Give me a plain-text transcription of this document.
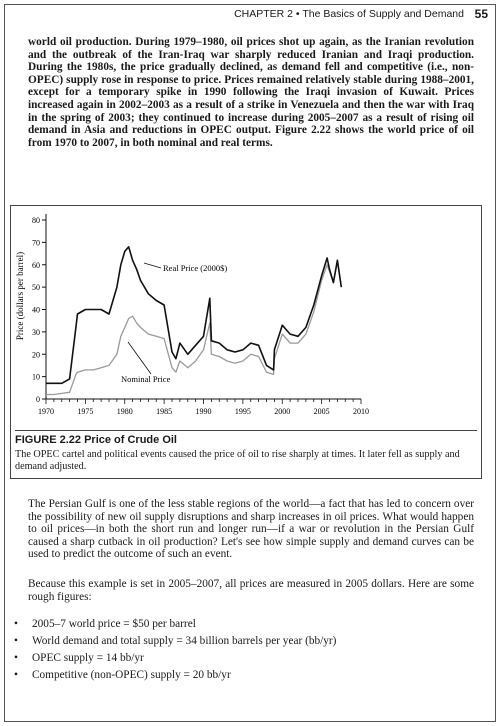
CHAPTER 2 • The Basics of Supply and Demand 55

world oil production. During 1979–1980, oil prices shot up again, as the Iranian revolution and the outbreak of the Iran-Iraq war sharply reduced Iranian and Iraqi production. During the 1980s, the price gradually declined, as demand fell and competitive (i.e., non-OPEC) supply rose in response to price. Prices remained relatively stable during 1988–2001, except for a temporary spike in 1990 following the Iraqi invasion of Kuwait. Prices increased again in 2002–2003 as a result of a strike in Venezuela and then the war with Iraq in the spring of 2003; they continued to increase during 2005–2007 as a result of rising oil demand in Asia and reductions in OPEC output. Figure 2.22 shows the world price of oil from 1970 to 2007, in both nominal and real terms.

0
10
20
30
40
50
60
70
80
1970	1975	1980	1985	1990	1995	2000	2005	2010
Price (dollars per barrel)	Real Price (2000$)
Nominal Price
FIGURE 2.22 Price of Crude Oil
The OPEC cartel and political events caused the price of oil to rise sharply at times. It later fell as supply and demand adjusted.

The Persian Gulf is one of the less stable regions of the world—a fact that has led to concern over the possibility of new oil supply disruptions and sharp increases in oil prices. What would happen to oil prices—in both the short run and longer run—if a war or revolution in the Persian Gulf caused a sharp cutback in oil production? Let's see how simple supply and demand curves can be used to predict the outcome of such an event.

Because this example is set in 2005–2007, all prices are measured in 2005 dollars. Here are some rough figures:

• 2005–7 world price = $50 per barrel
• World demand and total supply = 34 billion barrels per year (bb/yr)
• OPEC supply = 14 bb/yr
• Competitive (non-OPEC) supply = 20 bb/yr
